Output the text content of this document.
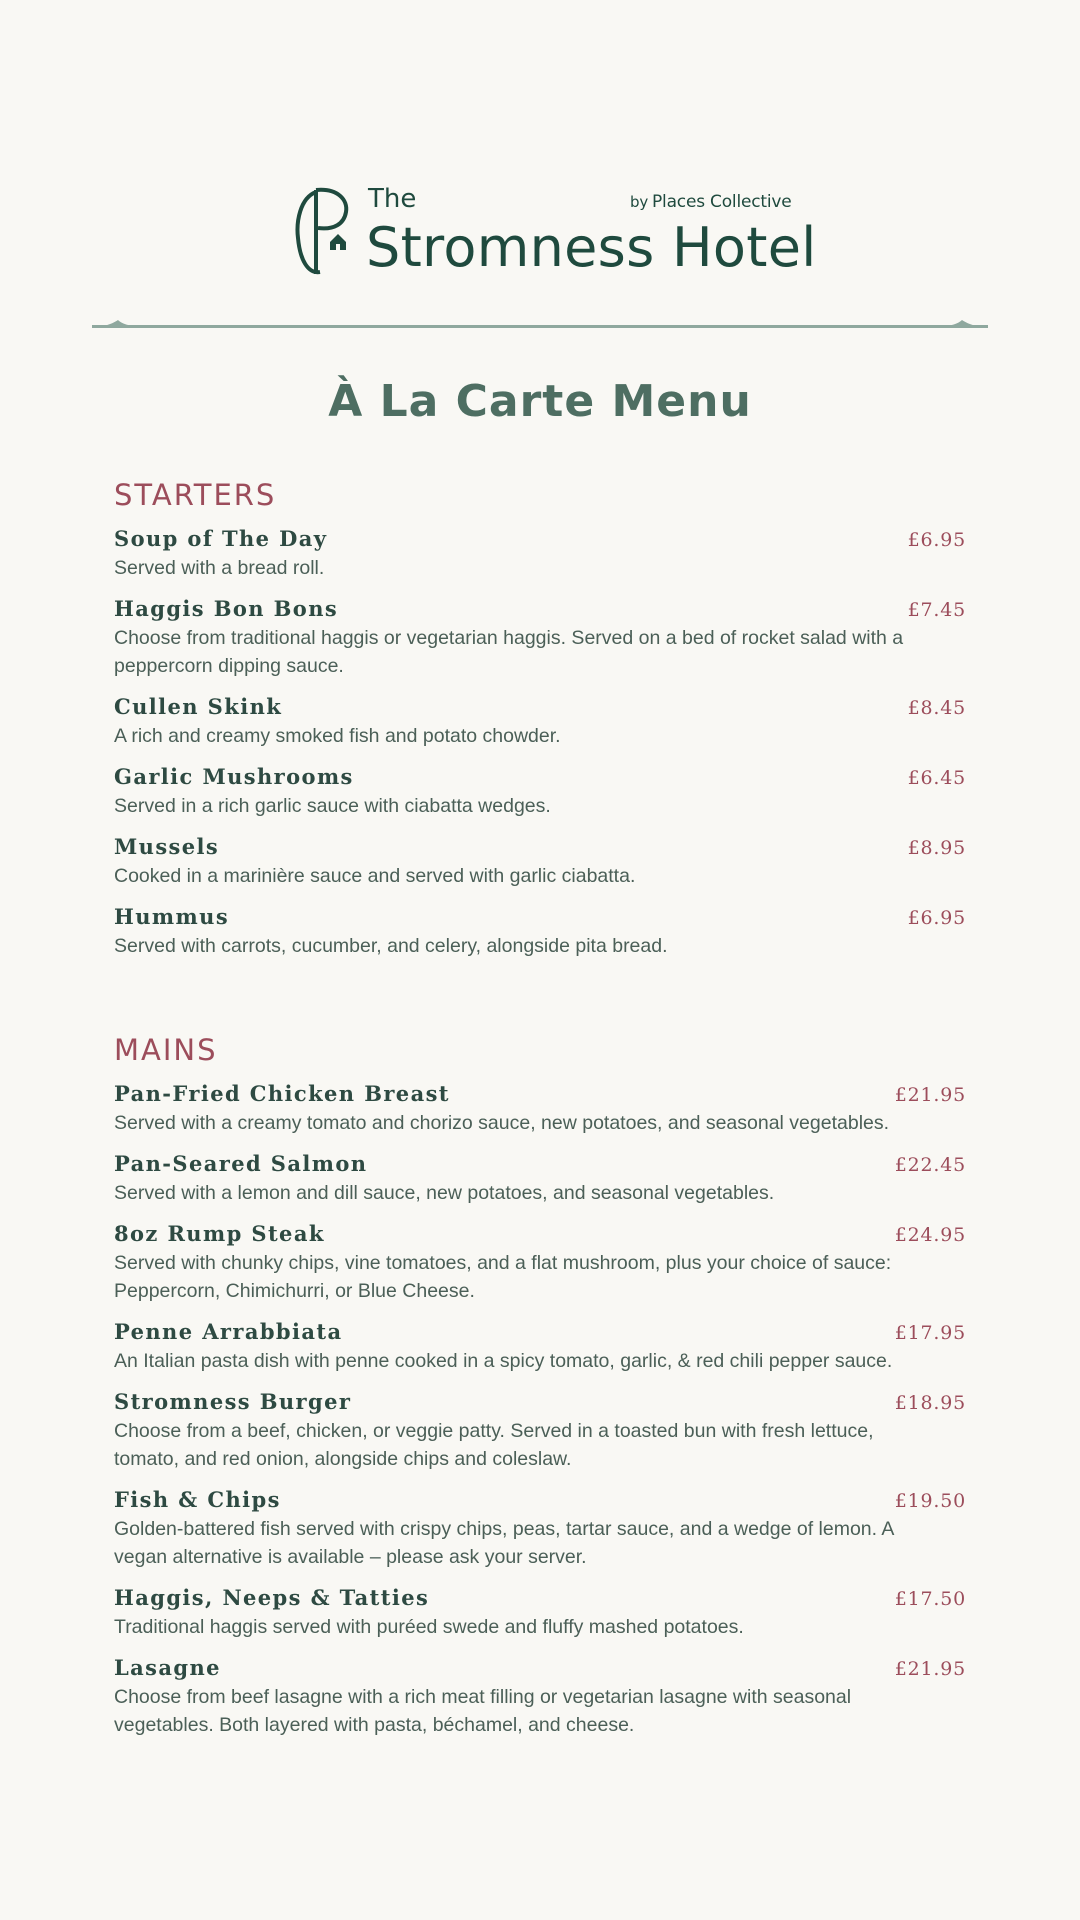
The	by Places Collective
Stromness Hotel
À La Carte Menu
STARTERS
Soup of The Day	£6.95
Served with a bread roll.
Haggis Bon Bons	£7.45
Choose from traditional haggis or vegetarian haggis. Served on a bed of rocket salad with a peppercorn dipping sauce.
Cullen Skink	£8.45
A rich and creamy smoked fish and potato chowder.
Garlic Mushrooms	£6.45
Served in a rich garlic sauce with ciabatta wedges.
Mussels	£8.95
Cooked in a marinière sauce and served with garlic ciabatta.
Hummus	£6.95
Served with carrots, cucumber, and celery, alongside pita bread.
MAINS
Pan-Fried Chicken Breast	£21.95
Served with a creamy tomato and chorizo sauce, new potatoes, and seasonal vegetables.
Pan-Seared Salmon	£22.45
Served with a lemon and dill sauce, new potatoes, and seasonal vegetables.
8oz Rump Steak	£24.95
Served with chunky chips, vine tomatoes, and a flat mushroom, plus your choice of sauce: Peppercorn, Chimichurri, or Blue Cheese.
Penne Arrabbiata	£17.95
An Italian pasta dish with penne cooked in a spicy tomato, garlic, & red chili pepper sauce.
Stromness Burger	£18.95
Choose from a beef, chicken, or veggie patty. Served in a toasted bun with fresh lettuce, tomato, and red onion, alongside chips and coleslaw.
Fish & Chips	£19.50
Golden-battered fish served with crispy chips, peas, tartar sauce, and a wedge of lemon. A vegan alternative is available – please ask your server.
Haggis, Neeps & Tatties	£17.50
Traditional haggis served with puréed swede and fluffy mashed potatoes.
Lasagne	£21.95
Choose from beef lasagne with a rich meat filling or vegetarian lasagne with seasonal vegetables. Both layered with pasta, béchamel, and cheese.
